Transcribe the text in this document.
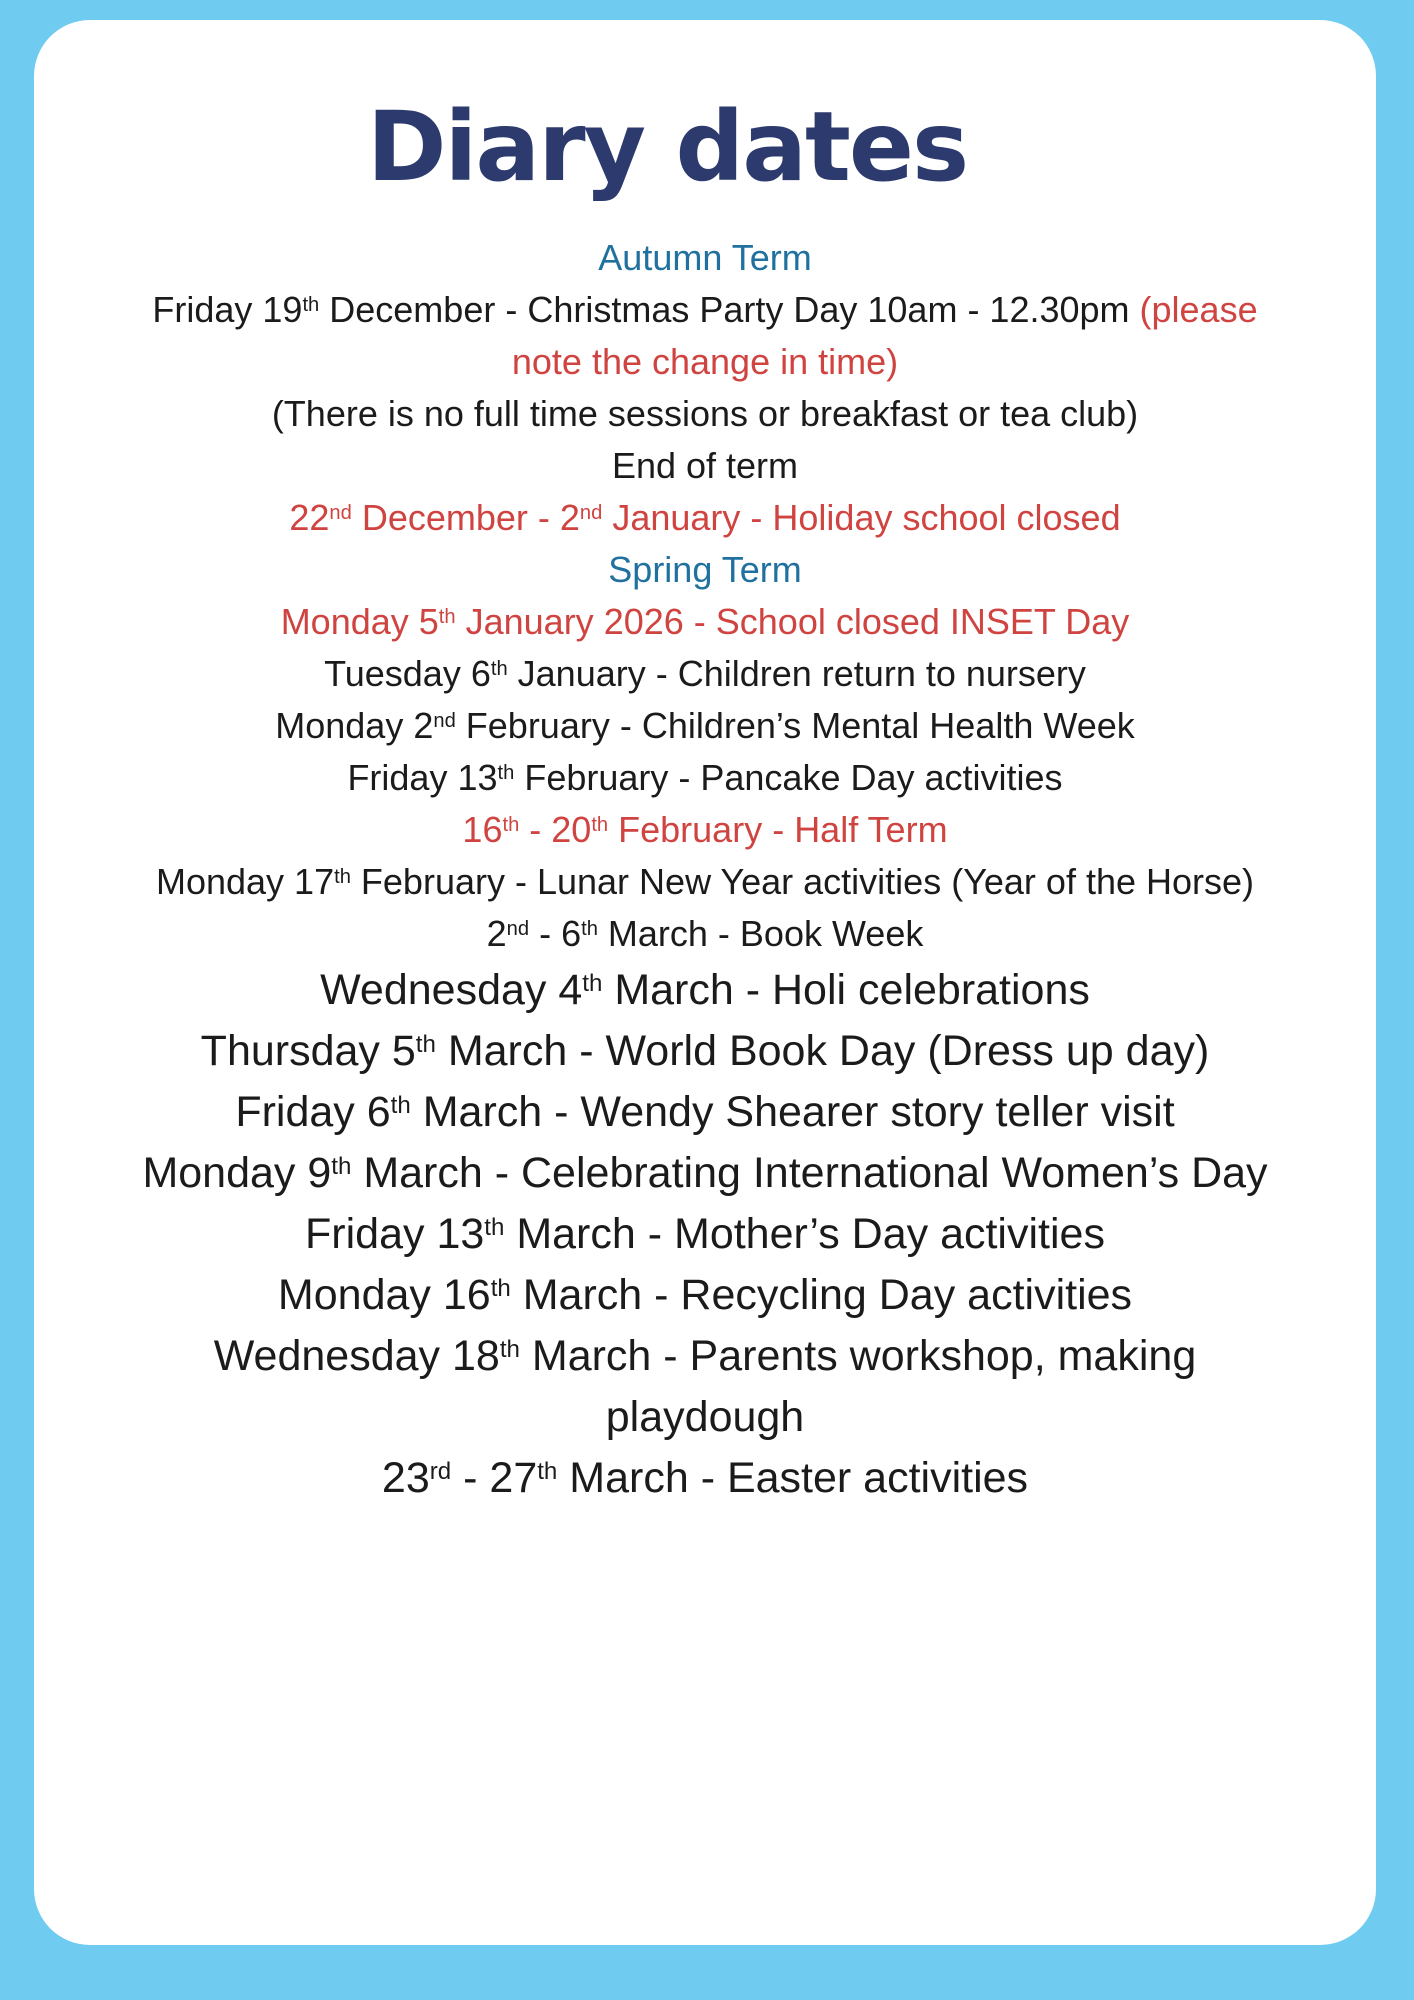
Diary dates
Autumn Term
Friday 19th December - Christmas Party Day 10am - 12.30pm (please
note the change in time)
(There is no full time sessions or breakfast or tea club)
End of term
22nd December - 2nd January - Holiday school closed
Spring Term
Monday 5th January 2026 - School closed INSET Day
Tuesday 6th January - Children return to nursery
Monday 2nd February - Children’s Mental Health Week
Friday 13th February - Pancake Day activities
16th - 20th February - Half Term
Monday 17th February - Lunar New Year activities (Year of the Horse)
2nd - 6th March - Book Week
Wednesday 4th March - Holi celebrations
Thursday 5th March - World Book Day (Dress up day)
Friday 6th March - Wendy Shearer story teller visit
Monday 9th March - Celebrating International Women’s Day
Friday 13th March - Mother’s Day activities
Monday 16th March - Recycling Day activities
Wednesday 18th March - Parents workshop, making
playdough
23rd - 27th March - Easter activities
